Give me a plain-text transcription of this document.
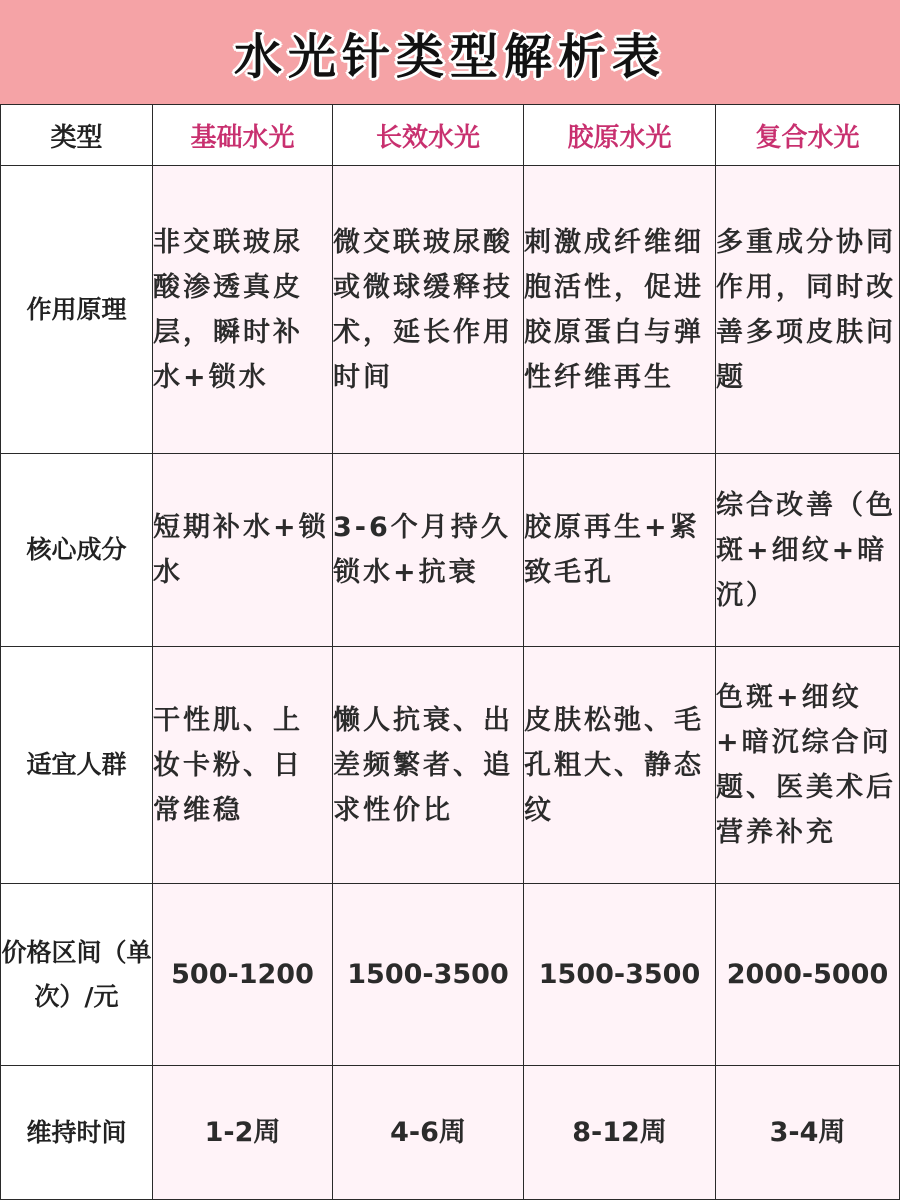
水光针类型解析表
类型	基础水光	长效水光	胶原水光	复合水光
作用原理	非交联玻尿酸渗透真皮层，瞬时补水+锁水	微交联玻尿酸或微球缓释技术，延长作用时间	刺激成纤维细胞活性，促进胶原蛋白与弹性纤维再生	多重成分协同作用，同时改善多项皮肤问题
核心成分	短期补水+锁水	3-6个月持久锁水+抗衰	胶原再生+紧致毛孔	综合改善（色斑+细纹+暗沉）
适宜人群	干性肌、上妆卡粉、日常维稳	懒人抗衰、出差频繁者、追求性价比	皮肤松弛、毛孔粗大、静态纹	色斑+细纹+暗沉综合问题、医美术后营养补充
价格区间（单次）/元	500-1200	1500-3500	1500-3500	2000-5000
维持时间	1-2周	4-6周	8-12周	3-4周
